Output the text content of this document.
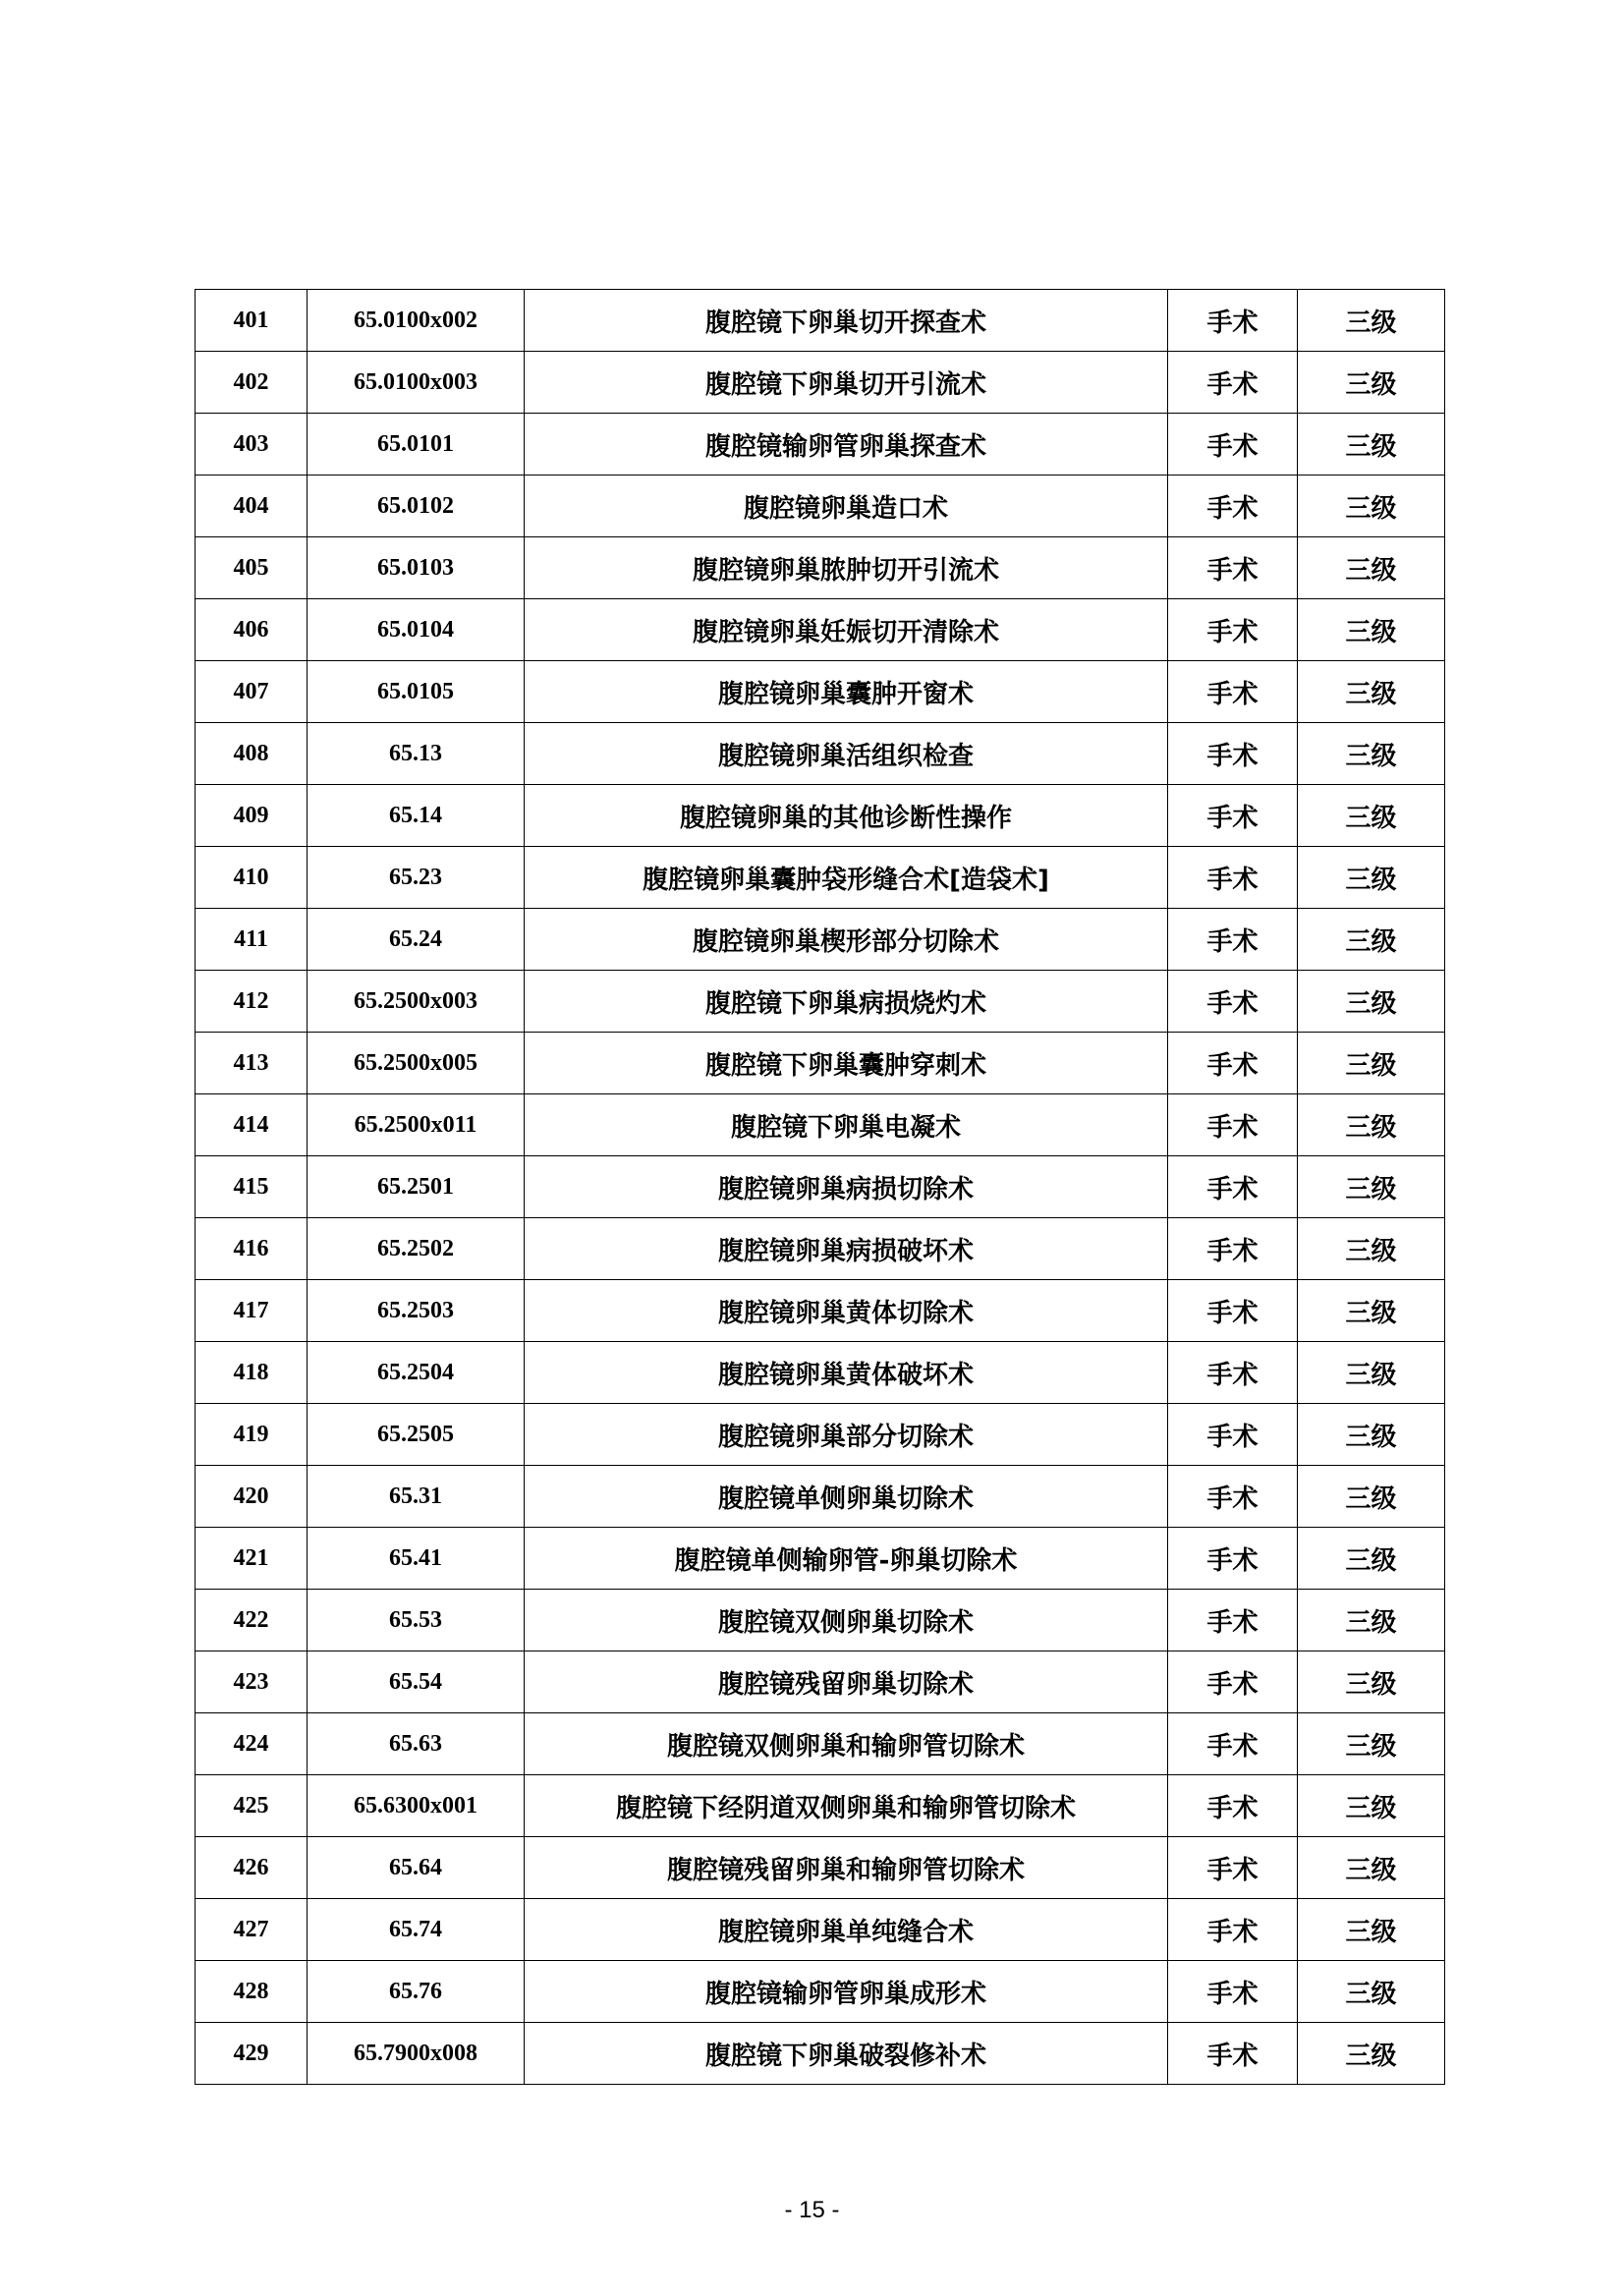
401	65.0100x002	腹腔镜下卵巢切开探查术	手术	三级
402	65.0100x003	腹腔镜下卵巢切开引流术	手术	三级
403	65.0101	腹腔镜输卵管卵巢探查术	手术	三级
404	65.0102	腹腔镜卵巢造口术	手术	三级
405	65.0103	腹腔镜卵巢脓肿切开引流术	手术	三级
406	65.0104	腹腔镜卵巢妊娠切开清除术	手术	三级
407	65.0105	腹腔镜卵巢囊肿开窗术	手术	三级
408	65.13	腹腔镜卵巢活组织检查	手术	三级
409	65.14	腹腔镜卵巢的其他诊断性操作	手术	三级
410	65.23	腹腔镜卵巢囊肿袋形缝合术[造袋术]	手术	三级
411	65.24	腹腔镜卵巢楔形部分切除术	手术	三级
412	65.2500x003	腹腔镜下卵巢病损烧灼术	手术	三级
413	65.2500x005	腹腔镜下卵巢囊肿穿刺术	手术	三级
414	65.2500x011	腹腔镜下卵巢电凝术	手术	三级
415	65.2501	腹腔镜卵巢病损切除术	手术	三级
416	65.2502	腹腔镜卵巢病损破坏术	手术	三级
417	65.2503	腹腔镜卵巢黄体切除术	手术	三级
418	65.2504	腹腔镜卵巢黄体破坏术	手术	三级
419	65.2505	腹腔镜卵巢部分切除术	手术	三级
420	65.31	腹腔镜单侧卵巢切除术	手术	三级
421	65.41	腹腔镜单侧输卵管-卵巢切除术	手术	三级
422	65.53	腹腔镜双侧卵巢切除术	手术	三级
423	65.54	腹腔镜残留卵巢切除术	手术	三级
424	65.63	腹腔镜双侧卵巢和输卵管切除术	手术	三级
425	65.6300x001	腹腔镜下经阴道双侧卵巢和输卵管切除术	手术	三级
426	65.64	腹腔镜残留卵巢和输卵管切除术	手术	三级
427	65.74	腹腔镜卵巢单纯缝合术	手术	三级
428	65.76	腹腔镜输卵管卵巢成形术	手术	三级
429	65.7900x008	腹腔镜下卵巢破裂修补术	手术	三级
- 15 -
